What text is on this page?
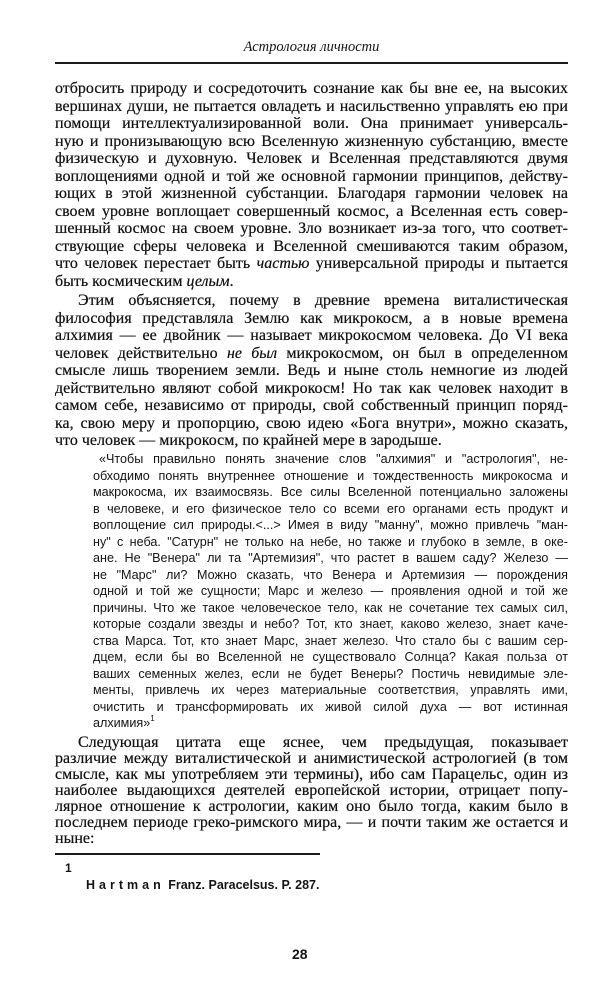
Астрология личности
отбросить природу и сосредоточить сознание как бы вне ее, на высоких
вершинах души, не пытается овладеть и насильственно управлять ею при
помощи интеллектуализированной воли. Она принимает универсаль-
ную и пронизывающую всю Вселенную жизненную субстанцию, вместе
физическую и духовную. Человек и Вселенная представляются двумя
воплощениями одной и той же основной гармонии принципов, действу-
ющих в этой жизненной субстанции. Благодаря гармонии человек на
своем уровне воплощает совершенный космос, а Вселенная есть совер-
шенный космос на своем уровне. Зло возникает из-за того, что соответ-
ствующие сферы человека и Вселенной смешиваются таким образом,
что человек перестает быть частью универсальной природы и пытается
быть космическим целым.
Этим объясняется, почему в древние времена виталистическая
философия представляла Землю как микрокосм, а в новые времена
алхимия — ее двойник — называет микрокосмом человека. До VI века
человек действительно не был микрокосмом, он был в определенном
смысле лишь творением земли. Ведь и ныне столь немногие из людей
действительно являют собой микрокосм! Но так как человек находит в
самом себе, независимо от природы, свой собственный принцип поряд-
ка, свою меру и пропорцию, свою идею «Бога внутри», можно сказать,
что человек — микрокосм, по крайней мере в зародыше.
«Чтобы правильно понять значение слов "алхимия" и "астрология", не-
обходимо понять внутреннее отношение и тождественность микрокосма и
макрокосма, их взаимосвязь. Все силы Вселенной потенциально заложены
в человеке, и его физическое тело со всеми его органами есть продукт и
воплощение сил природы.<...> Имея в виду "манну", можно привлечь "ман-
ну" с неба. "Сатурн" не только на небе, но также и глубоко в земле, в оке-
ане. Не "Венера" ли та "Артемизия", что растет в вашем саду? Железо —
не "Марс" ли? Можно сказать, что Венера и Артемизия — порождения
одной и той же сущности; Марс и железо — проявления одной и той же
причины. Что же такое человеческое тело, как не сочетание тех самых сил,
которые создали звезды и небо? Тот, кто знает, каково железо, знает каче-
ства Марса. Тот, кто знает Марс, знает железо. Что стало бы с вашим сер-
дцем, если бы во Вселенной не существовало Солнца? Какая польза от
ваших семенных желез, если не будет Венеры? Постичь невидимые эле-
менты, привлечь их через материальные соответствия, управлять ими,
очистить и трансформировать их живой силой духа — вот истинная
алхимия»$^1$
Следующая цитата еще яснее, чем предыдущая, показывает
различие между виталистической и анимистической астрологией (в том
смысле, как мы употребляем эти термины), ибо сам Парацельс, один из
наиболее выдающихся деятелей европейской истории, отрицает попу-
лярное отношение к астрологии, каким оно было тогда, каким было в
последнем периоде греко-римского мира, — и почти таким же остается и
ныне:
1
Hartman Franz. Paracelsus. P. 287.
28
